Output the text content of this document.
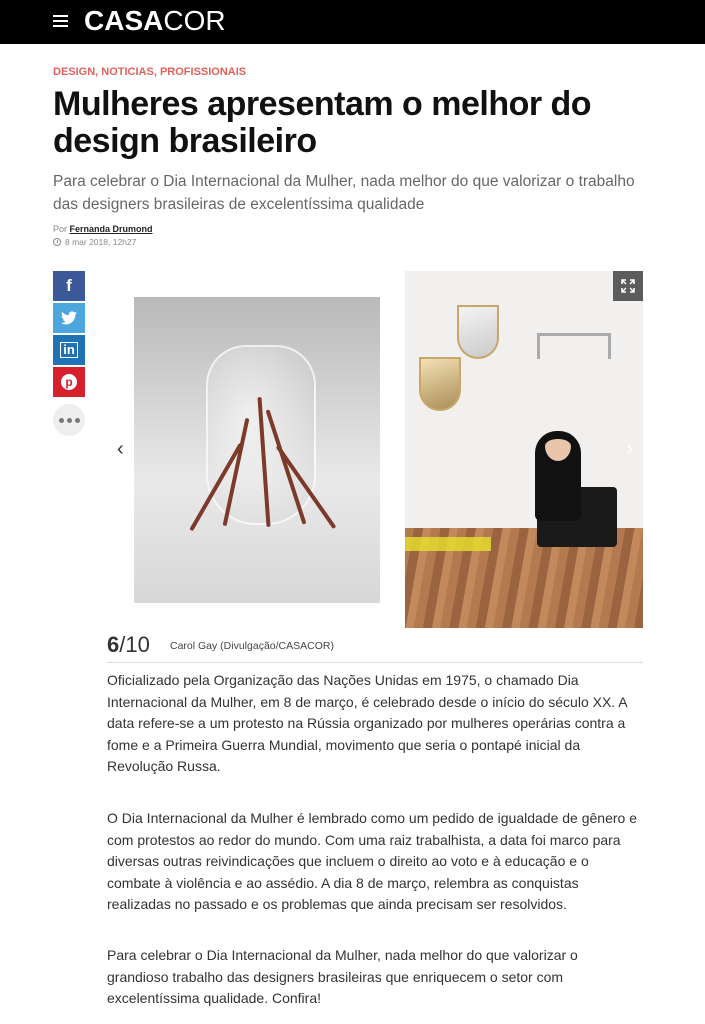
CASACOR
DESIGN, NOTICIAS, PROFISSIONAIS
Mulheres apresentam o melhor do design brasileiro

Para celebrar o Dia Internacional da Mulher, nada melhor do que valorizar o trabalho das designers brasileiras de excelentíssima qualidade

Por Fernanda Drumond
8 mar 2018, 12h27
f
in
p
‹	›
6/10 Carol Gay (Divulgação/CASACOR)

Oficializado pela Organização das Nações Unidas em 1975, o chamado Dia Internacional da Mulher, em 8 de março, é celebrado desde o início do século XX. A data refere-se a um protesto na Rússia organizado por mulheres operárias contra a fome e a Primeira Guerra Mundial, movimento que seria o pontapé inicial da Revolução Russa.

O Dia Internacional da Mulher é lembrado como um pedido de igualdade de gênero e com protestos ao redor do mundo. Com uma raiz trabalhista, a data foi marco para diversas outras reivindicações que incluem o direito ao voto e à educação e o combate à violência e ao assédio. A dia 8 de março, relembra as conquistas realizadas no passado e os problemas que ainda precisam ser resolvidos.

Para celebrar o Dia Internacional da Mulher, nada melhor do que valorizar o grandioso trabalho das designers brasileiras que enriquecem o setor com excelentíssima qualidade. Confira!
